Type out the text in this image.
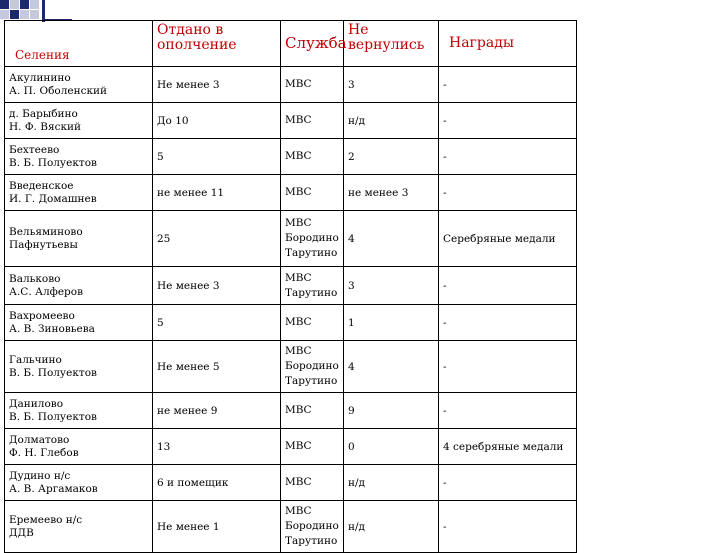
Селения	Отдано в ополчение	Служба	Не вернулись	Награды

Акулинино
А. П. Оболенский	Не менее 3	МВС	3	-

д. Барыбино
Н. Ф. Вяский	До 10	МВС	н/д	-

Бехтеево
В. Б. Полуектов	5	МВС	2	-

Введенское
И. Г. Домашнев	не менее 11	МВС	не менее 3	-

Вельяминово
Пафнутьевы	25	МВС
Бородино
Тарутино	4	Серебряные медали

Вальково
А.С. Алферов	Не менее 3	МВС
Тарутино	3	-

Вахромеево
А. В. Зиновьева	5	МВС	1	-

Гальчино
В. Б. Полуектов	Не менее 5	МВС
Бородино
Тарутино	4	-

Данилово
В. Б. Полуектов	не менее 9	МВС	9	-

Долматово
Ф. Н. Глебов	13	МВС	0	4 серебряные медали

Дудино н/с
А. В. Аргамаков	6 и помещик	МВС	н/д	-

Еремеево н/с
ДДВ	Не менее 1	МВС
Бородино
Тарутино	н/д	-
